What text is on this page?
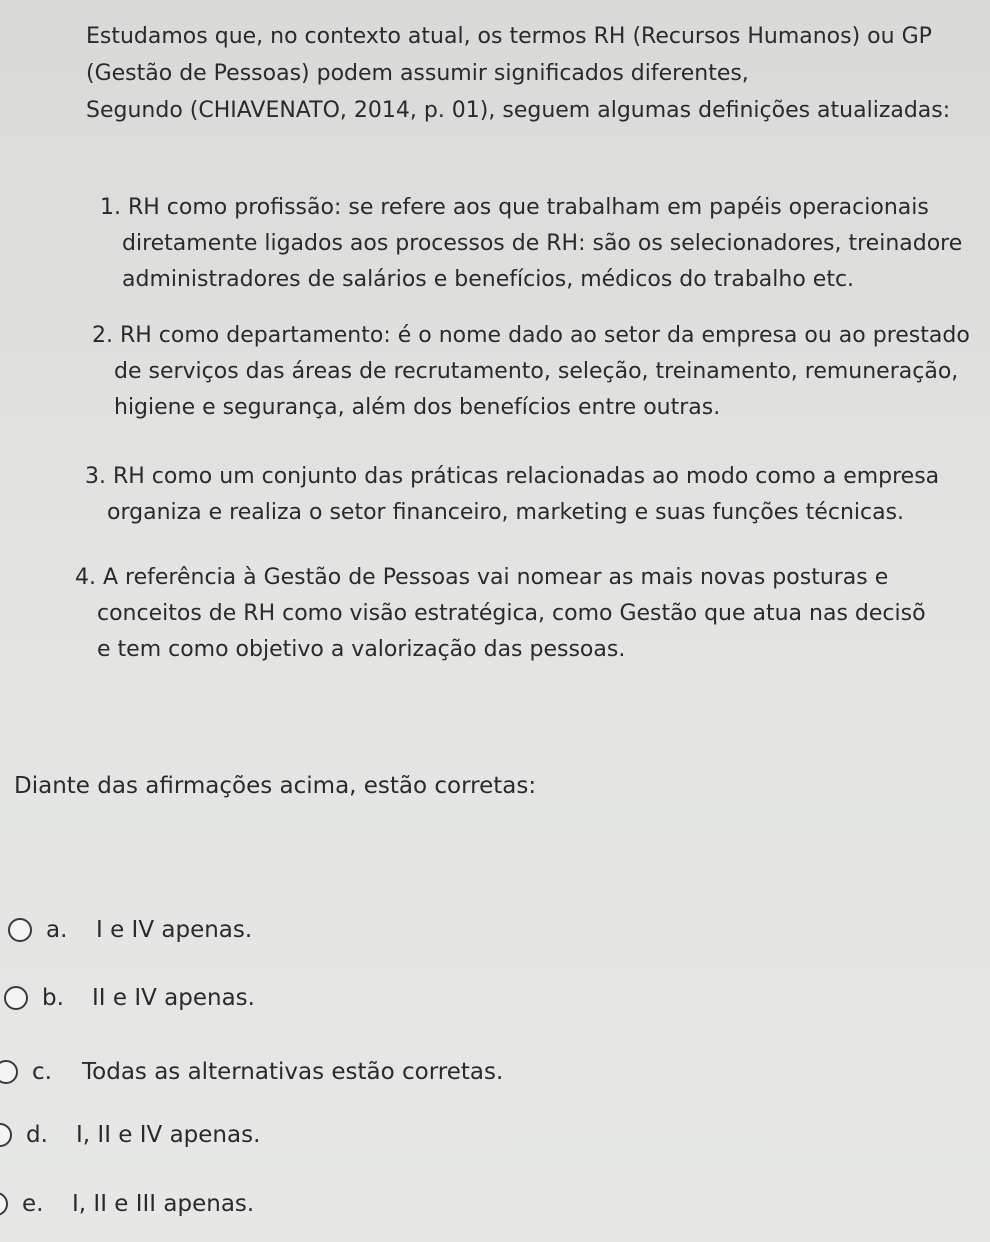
Estudamos que, no contexto atual, os termos RH (Recursos Humanos) ou GP
(Gestão de Pessoas) podem assumir significados diferentes,
Segundo (CHIAVENATO, 2014, p. 01), seguem algumas definições atualizadas:
1. RH como profissão: se refere aos que trabalham em papéis operacionais
diretamente ligados aos processos de RH: são os selecionadores, treinadore
administradores de salários e benefícios, médicos do trabalho etc.
2. RH como departamento: é o nome dado ao setor da empresa ou ao prestado
de serviços das áreas de recrutamento, seleção, treinamento, remuneração,
higiene e segurança, além dos benefícios entre outras.
3. RH como um conjunto das práticas relacionadas ao modo como a empresa
organiza e realiza o setor financeiro, marketing e suas funções técnicas.
4. A referência à Gestão de Pessoas vai nomear as mais novas posturas e
conceitos de RH como visão estratégica, como Gestão que atua nas decisõ
e tem como objetivo a valorização das pessoas.
Diante das afirmações acima, estão corretas:
a.	I e IV apenas.
b.	II e IV apenas.
c.	Todas as alternativas estão corretas.
d.	I, II e IV apenas.
e.	I, II e III apenas.
